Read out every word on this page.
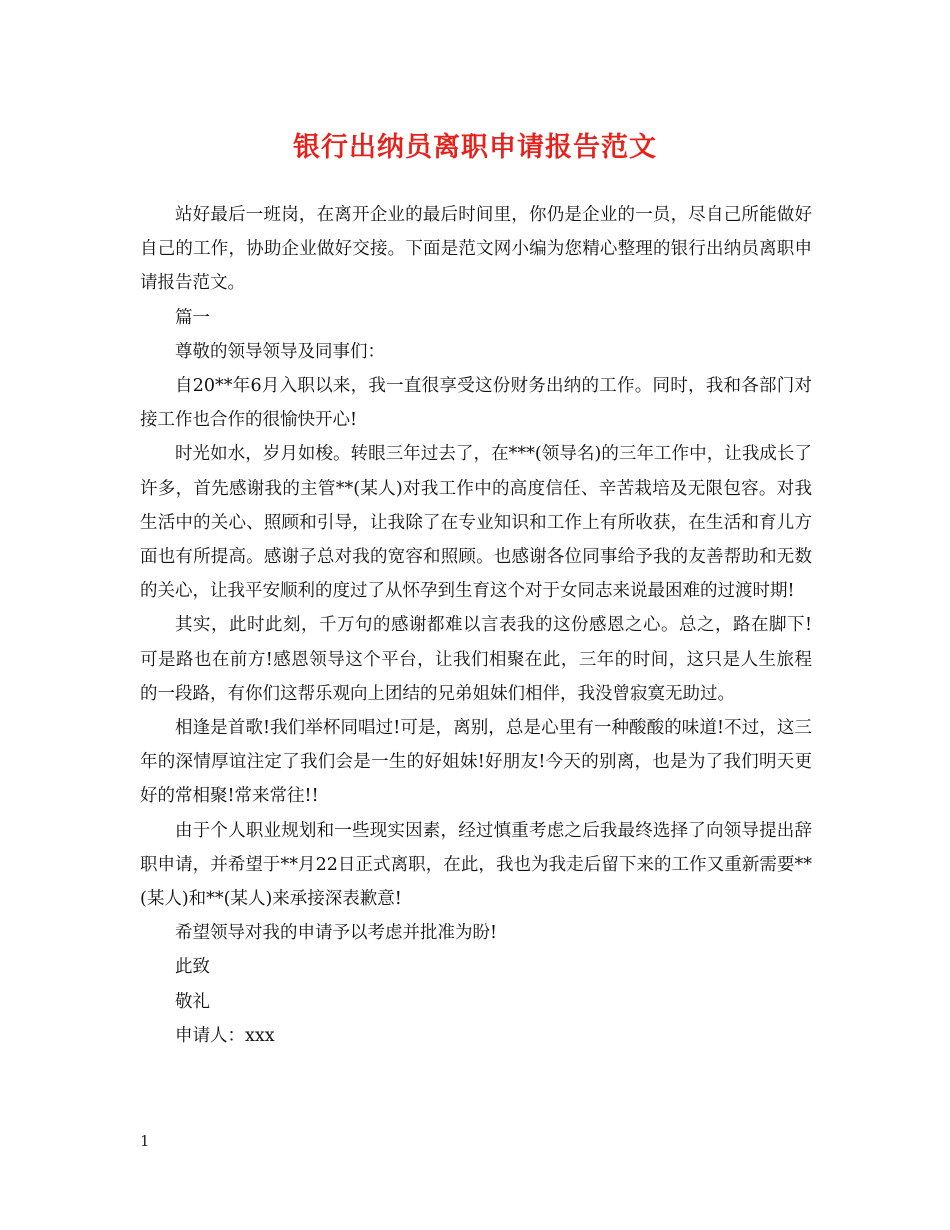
银行出纳员离职申请报告范文

站好最后一班岗，在离开企业的最后时间里，你仍是企业的一员，尽自己所能做好自己的工作，协助企业做好交接。下面是范文网小编为您精心整理的银行出纳员离职申请报告范文。

篇一

尊敬的领导领导及同事们：

自20**年6月入职以来，我一直很享受这份财务出纳的工作。同时，我和各部门对接工作也合作的很愉快开心!

时光如水，岁月如梭。转眼三年过去了，在***(领导名)的三年工作中，让我成长了许多，首先感谢我的主管**(某人)对我工作中的高度信任、辛苦栽培及无限包容。对我生活中的关心、照顾和引导，让我除了在专业知识和工作上有所收获，在生活和育儿方面也有所提高。感谢子总对我的宽容和照顾。也感谢各位同事给予我的友善帮助和无数的关心，让我平安顺利的度过了从怀孕到生育这个对于女同志来说最困难的过渡时期!

其实，此时此刻，千万句的感谢都难以言表我的这份感恩之心。总之，路在脚下!可是路也在前方!感恩领导这个平台，让我们相聚在此，三年的时间，这只是人生旅程的一段路，有你们这帮乐观向上团结的兄弟姐妹们相伴，我没曾寂寞无助过。

相逢是首歌!我们举杯同唱过!可是，离别，总是心里有一种酸酸的味道!不过，这三年的深情厚谊注定了我们会是一生的好姐妹!好朋友!今天的别离，也是为了我们明天更好的常相聚!常来常往!!

由于个人职业规划和一些现实因素，经过慎重考虑之后我最终选择了向领导提出辞职申请，并希望于**月22日正式离职，在此，我也为我走后留下来的工作又重新需要**(某人)和**(某人)来承接深表歉意!

希望领导对我的申请予以考虑并批准为盼!

此致

敬礼

申请人：xxx

1
